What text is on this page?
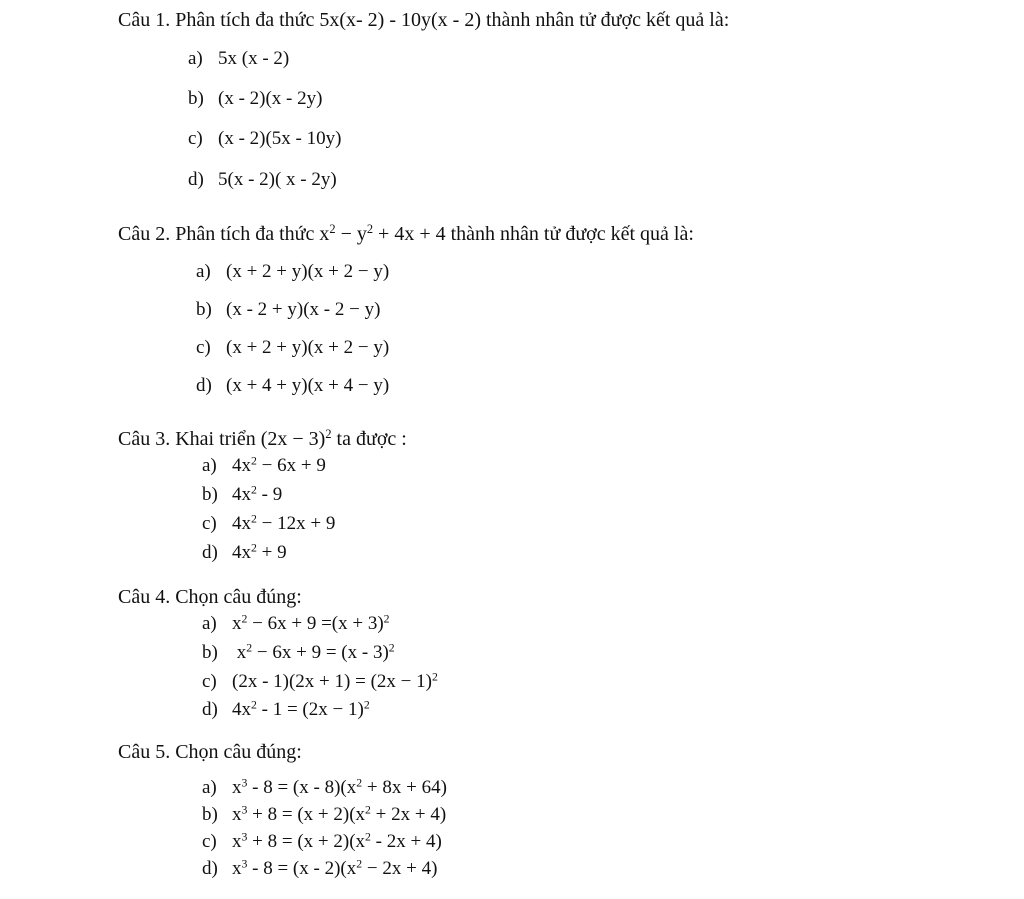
Câu 1. Phân tích đa thức 5x(x- 2) - 10y(x - 2) thành nhân tử được kết quả là:
a) 5x (x - 2)
b) (x - 2)(x - 2y)
c) (x - 2)(5x - 10y)
d) 5(x - 2)( x - 2y)
Câu 2. Phân tích đa thức $x^2 - y^2 + 4x + 4$ thành nhân tử được kết quả là:
a) (x + 2 + y)(x + 2 − y)
b) (x - 2 + y)(x - 2 − y)
c) (x + 2 + y)(x + 2 − y)
d) (x + 4 + y)(x + 4 − y)
Câu 3. Khai triển $(2x - 3)^2$ ta được :
a) $4x^2 - 6x + 9$
b) $4x^2 - 9$
c) $4x^2 - 12x + 9$
d) $4x^2 + 9$
Câu 4. Chọn câu đúng:
a) $x^2 - 6x + 9 =(x + 3)^2$
b) $x^2 - 6x + 9 = (x - 3)^2$
c) $(2x - 1)(2x + 1) = (2x - 1)^2$
d) $4x^2 - 1 = (2x - 1)^2$
Câu 5. Chọn câu đúng:
a) $x^3 - 8 = (x - 8)(x^2 + 8x + 64)$
b) $x^3 + 8 = (x + 2)(x^2 + 2x + 4)$
c) $x^3 + 8 = (x + 2)(x^2 - 2x + 4)$
d) $x^3 - 8 = (x - 2)(x^2 - 2x + 4)$
